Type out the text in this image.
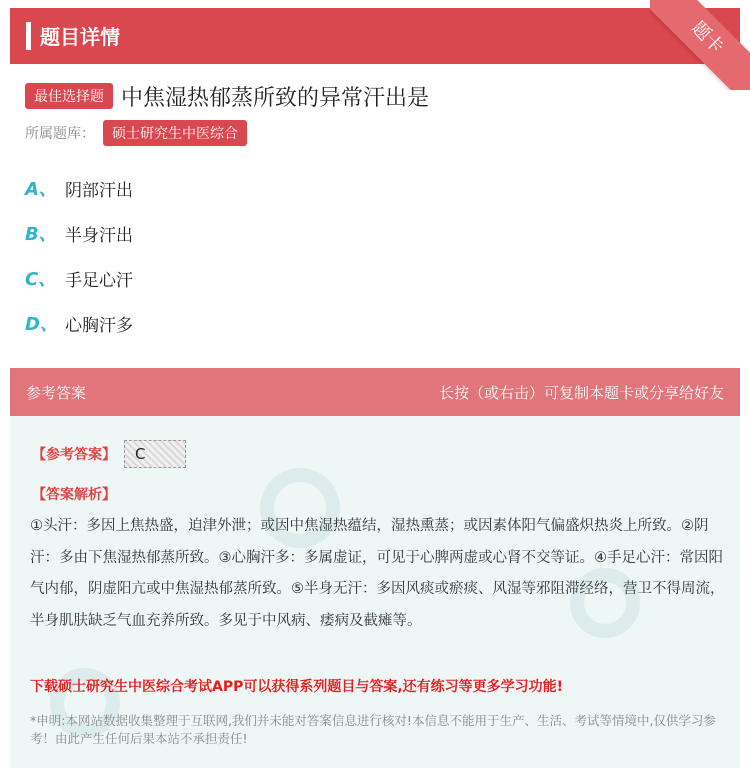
题目详情	题卡
最佳选择题 中焦湿热郁蒸所致的异常汗出是
所属题库：	硕士研究生中医综合
A、 阴部汗出
B、 半身汗出
C、 手足心汗
D、 心胸汗多
参考答案	长按（或右击）可复制本题卡或分享给好友
【参考答案】	C
【答案解析】
①头汗：多因上焦热盛，迫津外泄；或因中焦湿热蕴结，湿热熏蒸；或因素体阳气偏盛炽热炎上所致。②阴汗：多由下焦湿热郁蒸所致。③心胸汗多：多属虚证，可见于心脾两虚或心肾不交等证。④手足心汗：常因阳气内郁，阴虚阳亢或中焦湿热郁蒸所致。⑤半身无汗：多因风痰或瘀痰、风湿等邪阻滞经络，营卫不得周流，半身肌肤缺乏气血充养所致。多见于中风病、痿病及截瘫等。
下载硕士研究生中医综合考试APP可以获得系列题目与答案,还有练习等更多学习功能!
*申明:本网站数据收集整理于互联网,我们并未能对答案信息进行核对!本信息不能用于生产、生活、考试等情境中,仅供学习参考！由此产生任何后果本站不承担责任!
